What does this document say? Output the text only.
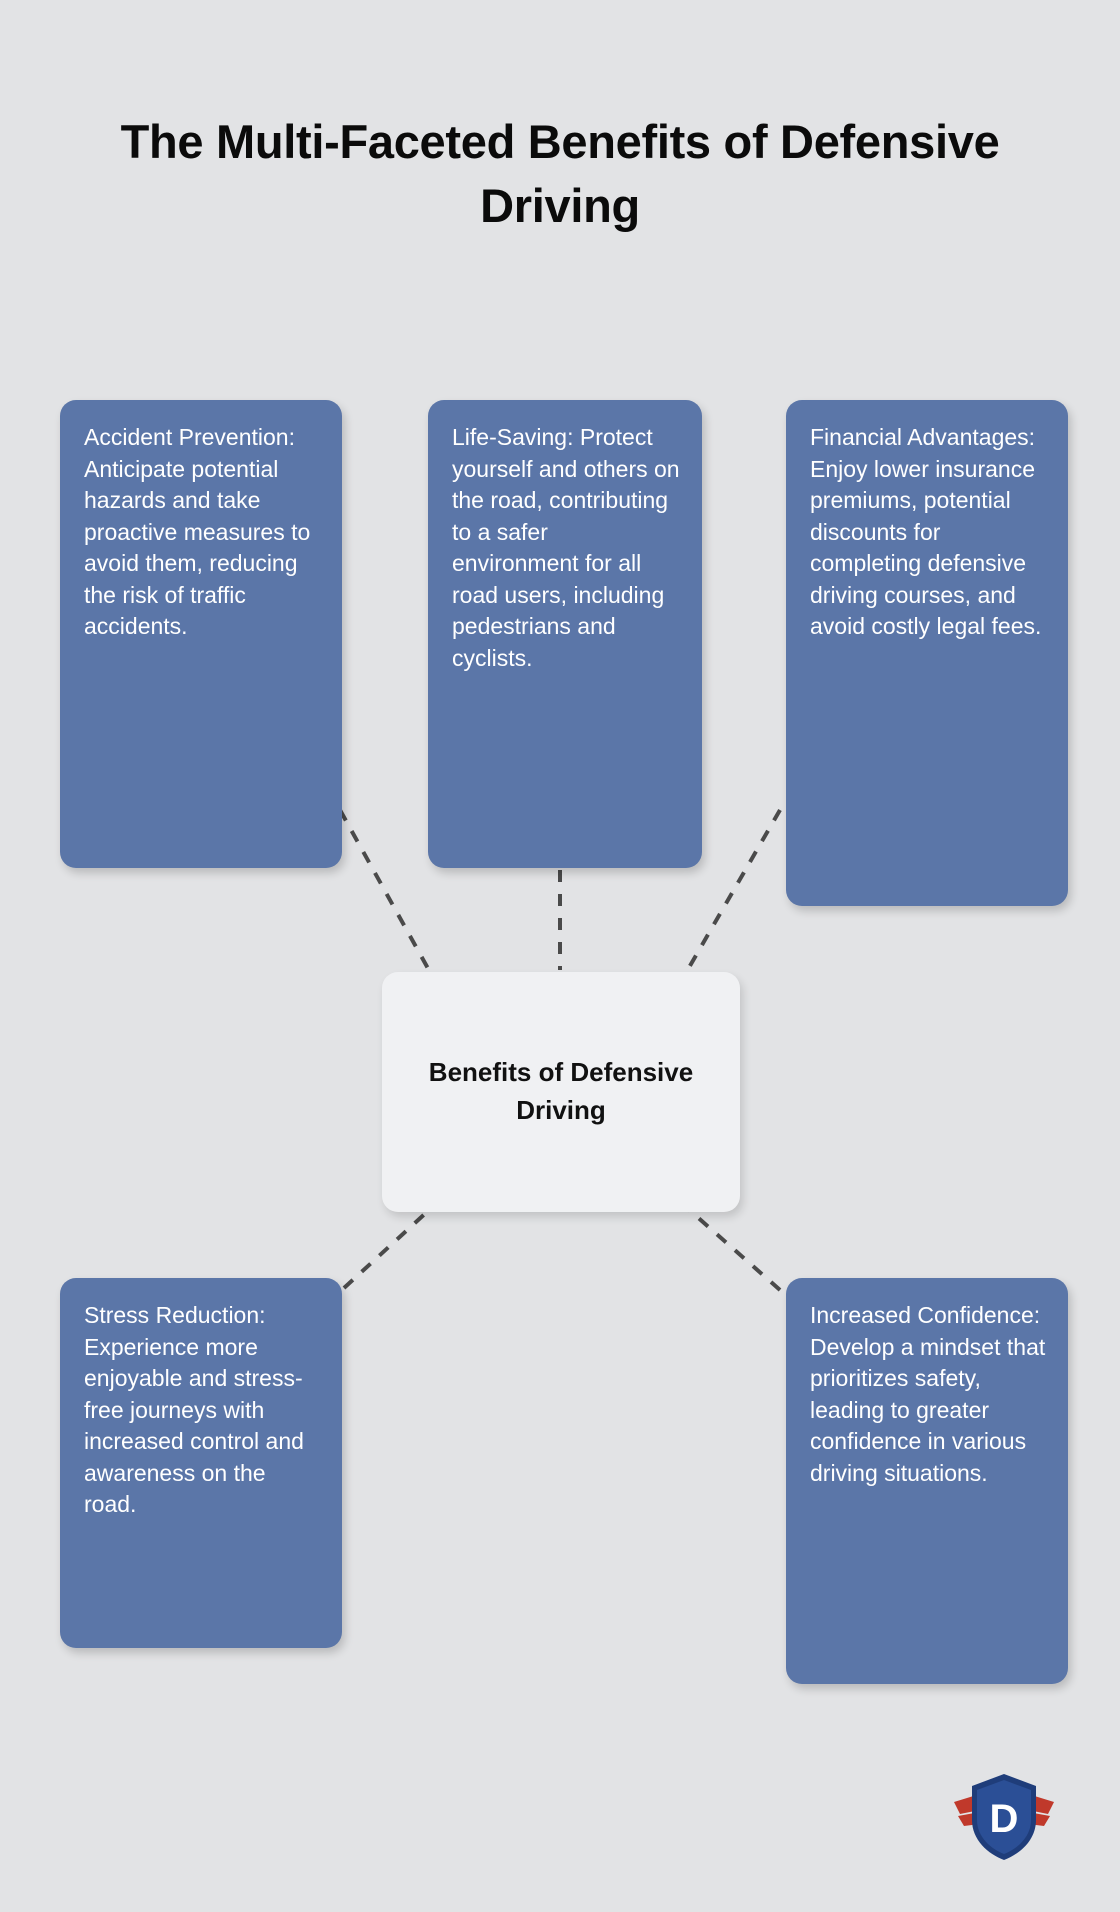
The Multi-Faceted Benefits of Defensive Driving
Accident Prevention: Anticipate potential hazards and take proactive measures to avoid them, reducing the risk of traffic accidents.
Life-Saving: Protect yourself and others on the road, contributing to a safer environment for all road users, including pedestrians and cyclists.
Financial Advantages: Enjoy lower insurance premiums, potential discounts for completing defensive driving courses, and avoid costly legal fees.
Stress Reduction: Experience more enjoyable and stress-free journeys with increased control and awareness on the road.
Increased Confidence: Develop a mindset that prioritizes safety, leading to greater confidence in various driving situations.
Benefits of Defensive Driving
D
